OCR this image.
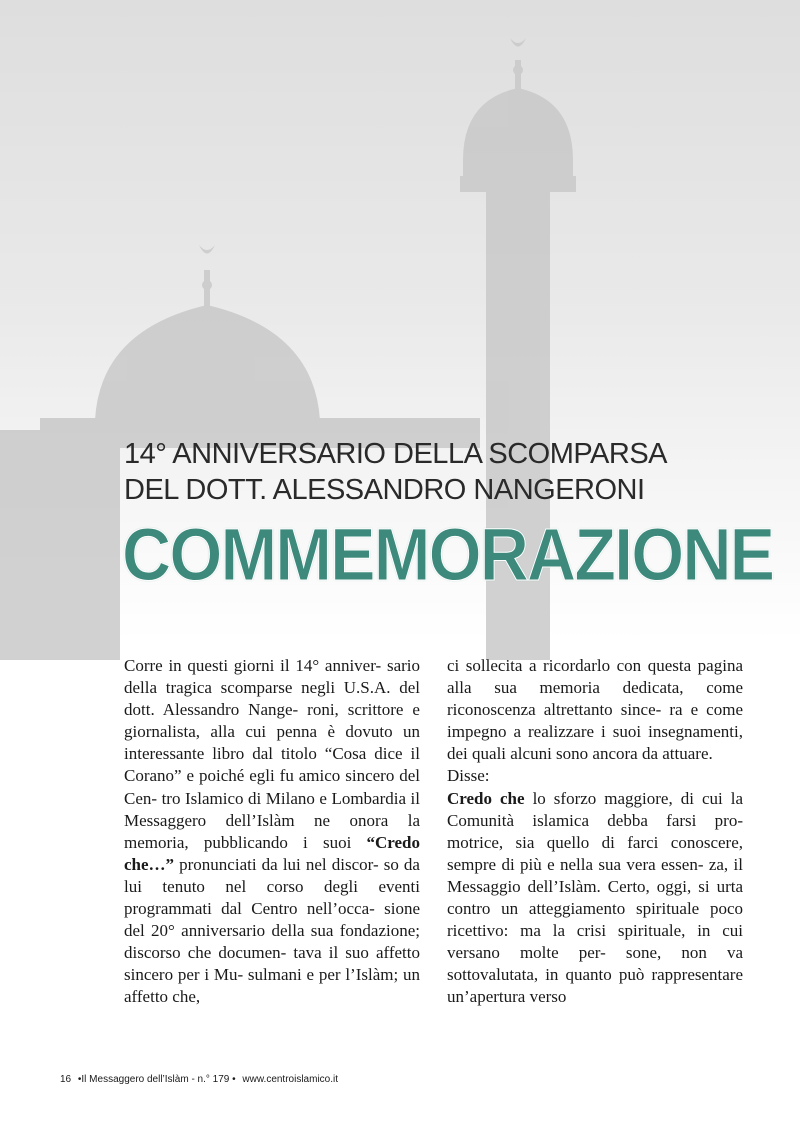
14° ANNIVERSARIO DELLA SCOMPARSA
DEL DOTT. ALESSANDRO NANGERONI
COMMEMORAZIONE

Corre in questi giorni il 14° anniver- sario della tragica scomparse negli U.S.A. del dott. Alessandro Nange- roni, scrittore e giornalista, alla cui penna è dovuto un interessante libro dal titolo “Cosa dice il Corano” e poiché egli fu amico sincero del Cen- tro Islamico di Milano e Lombardia il Messaggero dell’Islàm ne onora la memoria, pubblicando i suoi “Credo che…” pronunciati da lui nel discor- so da lui tenuto nel corso degli eventi programmati dal Centro nell’occa- sione del 20° anniversario della sua fondazione; discorso che documen- tava il suo affetto sincero per i Mu- sulmani e per l’Islàm; un affetto che,

ci sollecita a ricordarlo con questa pagina alla sua memoria dedicata, come riconoscenza altrettanto since- ra e come impegno a realizzare i suoi insegnamenti, dei quali alcuni sono ancora da attuare.

Disse:

Credo che lo sforzo maggiore, di cui la Comunità islamica debba farsi pro- motrice, sia quello di farci conoscere, sempre di più e nella sua vera essen- za, il Messaggio dell’Islàm. Certo, oggi, si urta contro un atteggiamento spirituale poco ricettivo: ma la crisi spirituale, in cui versano molte per- sone, non va sottovalutata, in quanto può rappresentare un’apertura verso

16 •Il Messaggero dell’Islàm - n.° 179 • www.centroislamico.it
